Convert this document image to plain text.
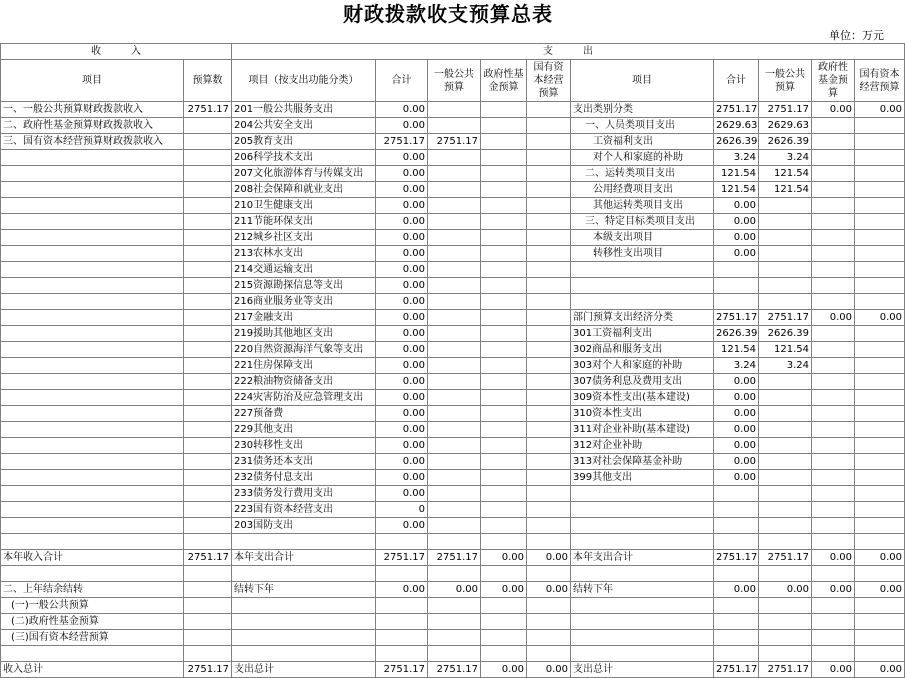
财政拨款收支预算总表
单位：万元
收　　　入		支　　　出									
项目	预算数	项目（按支出功能分类）	合计	一般公共预算	政府性基金预算	国有资本经营预算	项目	合计	一般公共预算	政府性基金预算	国有资本经营预算
一、一般公共预算财政拨款收入	2751.17	201一般公共服务支出	0.00				支出类别分类	2751.17	2751.17	0.00	0.00
二、政府性基金预算财政拨款收入		204公共安全支出	0.00				一、人员类项目支出	2629.63	2629.63		
三、国有资本经营预算财政拨款收入		205教育支出	2751.17	2751.17			工资福利支出	2626.39	2626.39		
		206科学技术支出	0.00				对个人和家庭的补助	3.24	3.24		
		207文化旅游体育与传媒支出	0.00				二、运转类项目支出	121.54	121.54		
		208社会保障和就业支出	0.00				公用经费项目支出	121.54	121.54		
		210卫生健康支出	0.00				其他运转类项目支出	0.00			
		211节能环保支出	0.00				三、特定目标类项目支出	0.00			
		212城乡社区支出	0.00				本级支出项目	0.00			
		213农林水支出	0.00				转移性支出项目	0.00			
		214交通运输支出	0.00								
		215资源勘探信息等支出	0.00								
		216商业服务业等支出	0.00								
		217金融支出	0.00				部门预算支出经济分类	2751.17	2751.17	0.00	0.00
		219援助其他地区支出	0.00				301工资福利支出	2626.39	2626.39		
		220自然资源海洋气象等支出	0.00				302商品和服务支出	121.54	121.54		
		221住房保障支出	0.00				303对个人和家庭的补助	3.24	3.24		
		222粮油物资储备支出	0.00				307债务利息及费用支出	0.00			
		224灾害防治及应急管理支出	0.00				309资本性支出(基本建设)	0.00			
		227预备费	0.00				310资本性支出	0.00			
		229其他支出	0.00				311对企业补助(基本建设)	0.00			
		230转移性支出	0.00				312对企业补助	0.00			
		231债务还本支出	0.00				313对社会保障基金补助	0.00			
		232债务付息支出	0.00				399其他支出	0.00			
		233债务发行费用支出	0.00								
		223国有资本经营支出	0								
		203国防支出	0.00								

本年收入合计	2751.17	本年支出合计	2751.17	2751.17	0.00	0.00	本年支出合计	2751.17	2751.17	0.00	0.00

二、上年结余结转		结转下年	0.00	0.00	0.00	0.00	结转下年	0.00	0.00	0.00	0.00
(一)一般公共预算											
(二)政府性基金预算											
(三)国有资本经营预算											

收入总计	2751.17	支出总计	2751.17	2751.17	0.00	0.00	支出总计	2751.17	2751.17	0.00	0.00
